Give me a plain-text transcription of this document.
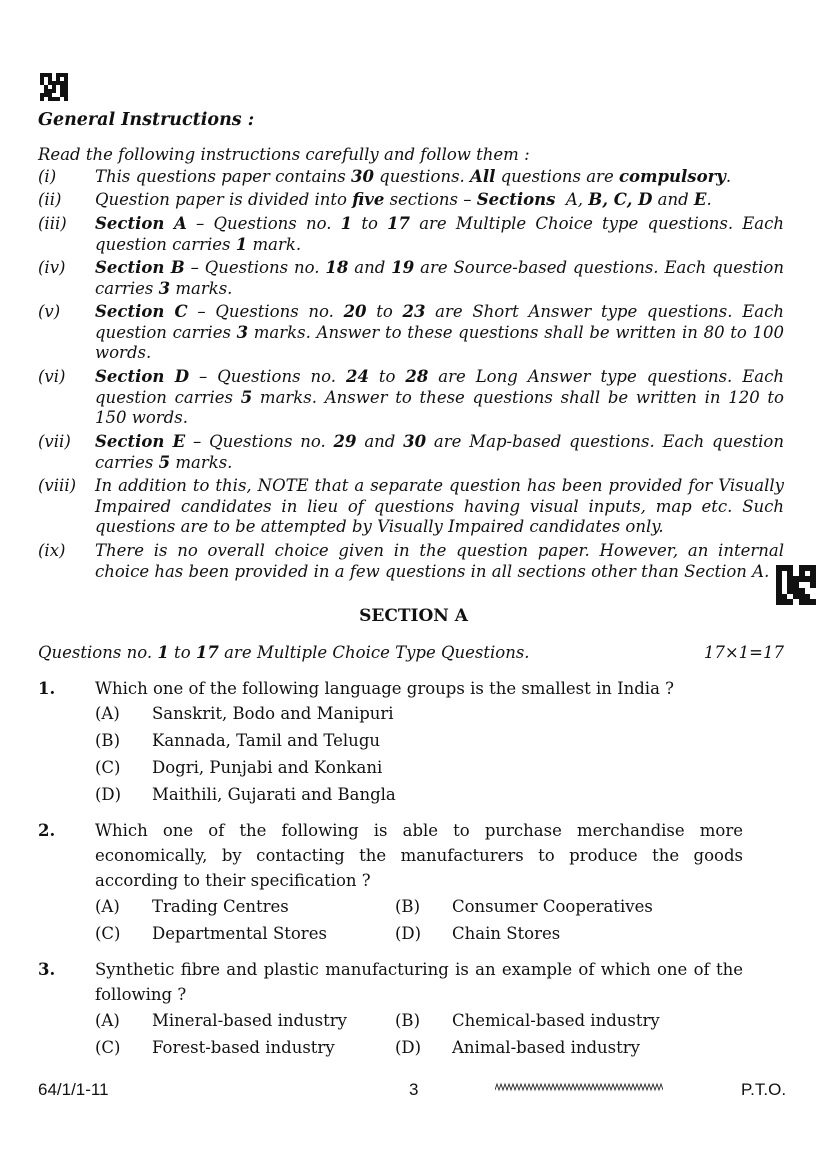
General Instructions :
Read the following instructions carefully and follow them :
(i)	This questions paper contains 30 questions. All questions are compulsory.
(ii)	Question paper is divided into five sections – Sections  A, B, C, D and E.
(iii)	Section A – Questions no. 1 to 17 are Multiple Choice type questions. Each question carries 1 mark.
(iv)	Section B – Questions no. 18 and 19 are Source-based questions. Each question carries 3 marks.
(v)	Section C – Questions no. 20 to 23 are Short Answer type questions. Each question carries 3 marks. Answer to these questions shall be written in 80 to 100 words.
(vi)	Section D – Questions no. 24 to 28 are Long Answer type questions. Each question carries 5 marks. Answer to these questions shall be written in 120 to 150 words.
(vii)	Section E – Questions no. 29 and 30 are Map-based questions. Each question carries 5 marks.
(viii)	In addition to this, NOTE that a separate question has been provided for Visually Impaired candidates in lieu of questions having visual inputs, map etc. Such questions are to be attempted by Visually Impaired candidates only.
(ix)	There is no overall choice given in the question paper. However, an internal choice has been provided in a few questions in all sections other than Section A.
SECTION A
Questions no. 1 to 17 are Multiple Choice Type Questions.	17×1=17
1. Which one of the following language groups is the smallest in India ?
(A) Sanskrit, Bodo and Manipuri
(B) Kannada, Tamil and Telugu
(C) Dogri, Punjabi and Konkani
(D) Maithili, Gujarati and Bangla
2. Which one of the following is able to purchase merchandise more economically, by contacting the manufacturers to produce the goods according to their specification ?
(A) Trading Centres	(B) Consumer Cooperatives
(C) Departmental Stores	(D) Chain Stores
3. Synthetic fibre and plastic manufacturing is an example of which one of the following ?
(A) Mineral-based industry	(B) Chemical-based industry
(C) Forest-based industry	(D) Animal-based industry
64/1/1-11	3	P.T.O.
